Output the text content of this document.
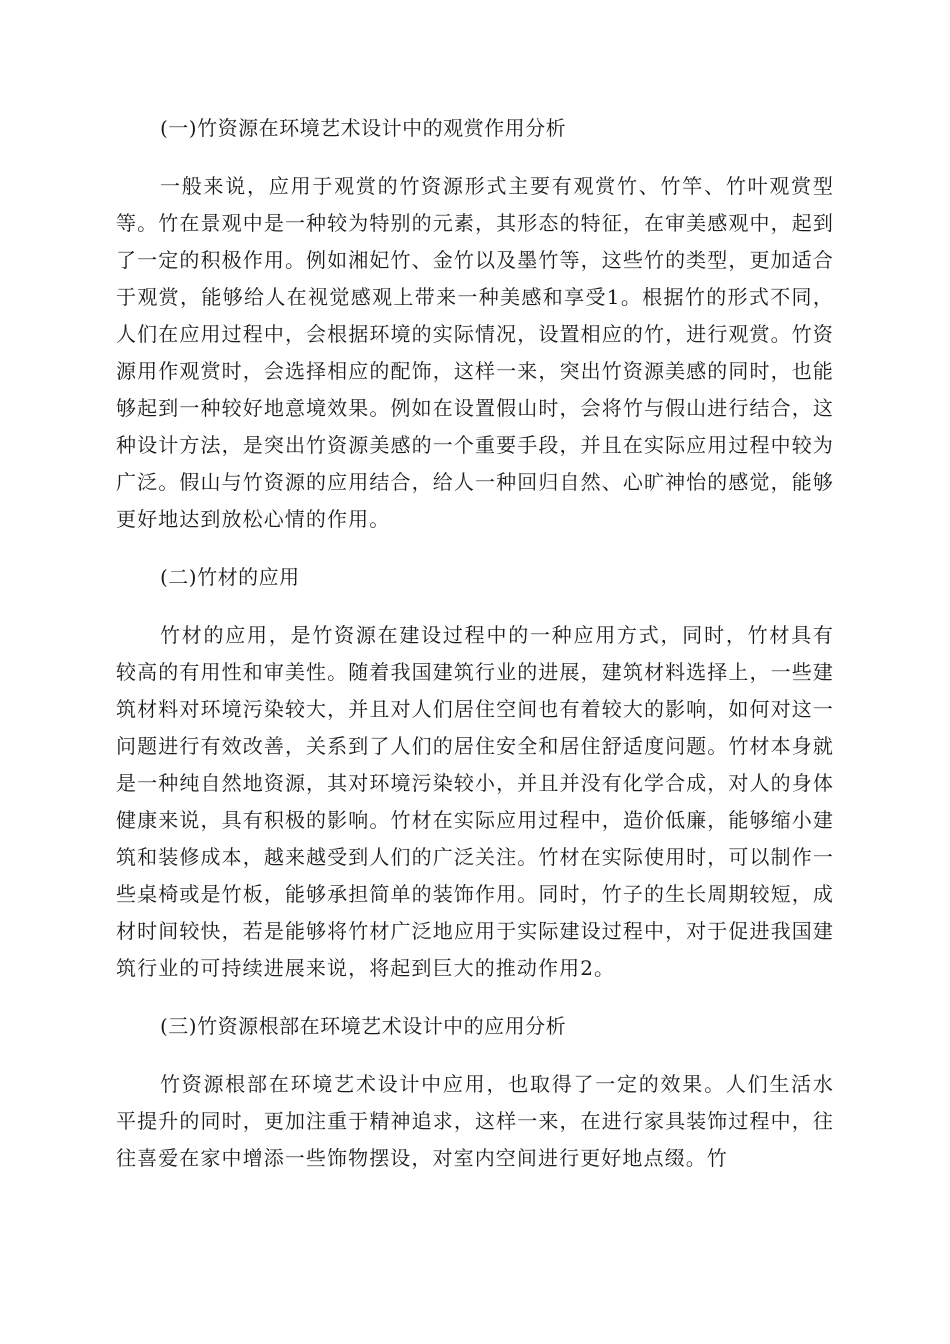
(一)竹资源在环境艺术设计中的观赏作用分析
一般来说，应用于观赏的竹资源形式主要有观赏竹、竹竿、竹叶观赏型等。竹在景观中是一种较为特别的元素，其形态的特征，在审美感观中，起到了一定的积极作用。例如湘妃竹、金竹以及墨竹等，这些竹的类型，更加适合于观赏，能够给人在视觉感观上带来一种美感和享受1。根据竹的形式不同，人们在应用过程中，会根据环境的实际情况，设置相应的竹，进行观赏。竹资源用作观赏时，会选择相应的配饰，这样一来，突出竹资源美感的同时，也能够起到一种较好地意境效果。例如在设置假山时，会将竹与假山进行结合，这种设计方法，是突出竹资源美感的一个重要手段，并且在实际应用过程中较为广泛。假山与竹资源的应用结合，给人一种回归自然、心旷神怡的感觉，能够更好地达到放松心情的作用。
(二)竹材的应用
竹材的应用，是竹资源在建设过程中的一种应用方式，同时，竹材具有较高的有用性和审美性。随着我国建筑行业的进展，建筑材料选择上，一些建筑材料对环境污染较大，并且对人们居住空间也有着较大的影响，如何对这一问题进行有效改善，关系到了人们的居住安全和居住舒适度问题。竹材本身就是一种纯自然地资源，其对环境污染较小，并且并没有化学合成，对人的身体健康来说，具有积极的影响。竹材在实际应用过程中，造价低廉，能够缩小建筑和装修成本，越来越受到人们的广泛关注。竹材在实际使用时，可以制作一些桌椅或是竹板，能够承担简单的装饰作用。同时，竹子的生长周期较短，成材时间较快，若是能够将竹材广泛地应用于实际建设过程中，对于促进我国建筑行业的可持续进展来说，将起到巨大的推动作用2。
(三)竹资源根部在环境艺术设计中的应用分析
竹资源根部在环境艺术设计中应用，也取得了一定的效果。人们生活水平提升的同时，更加注重于精神追求，这样一来，在进行家具装饰过程中，往往喜爱在家中增添一些饰物摆设，对室内空间进行更好地点缀。竹
